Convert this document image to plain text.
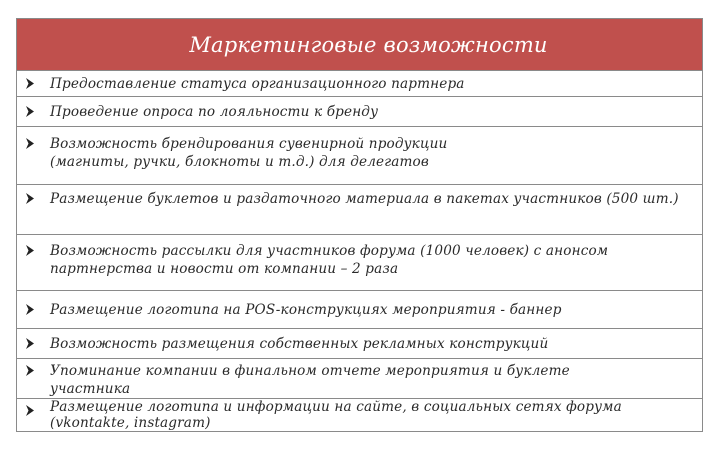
Маркетинговые возможности
Предоставление статуса организационного партнера
Проведение опроса по лояльности к бренду
Возможность брендирования сувенирной продукции (магниты, ручки, блокноты и т.д.) для делегатов
Размещение буклетов и раздаточного материала в пакетах участников (500 шт.)
Возможность рассылки для участников форума (1000 человек) с анонсом партнерства и новости от компании – 2 раза
Размещение логотипа на POS-конструкциях мероприятия - баннер
Возможность размещения собственных рекламных конструкций
Упоминание компании в финальном отчете мероприятия и буклете участника
Размещение логотипа и информации на сайте, в социальных сетях форума (vkontakte, instagram)
